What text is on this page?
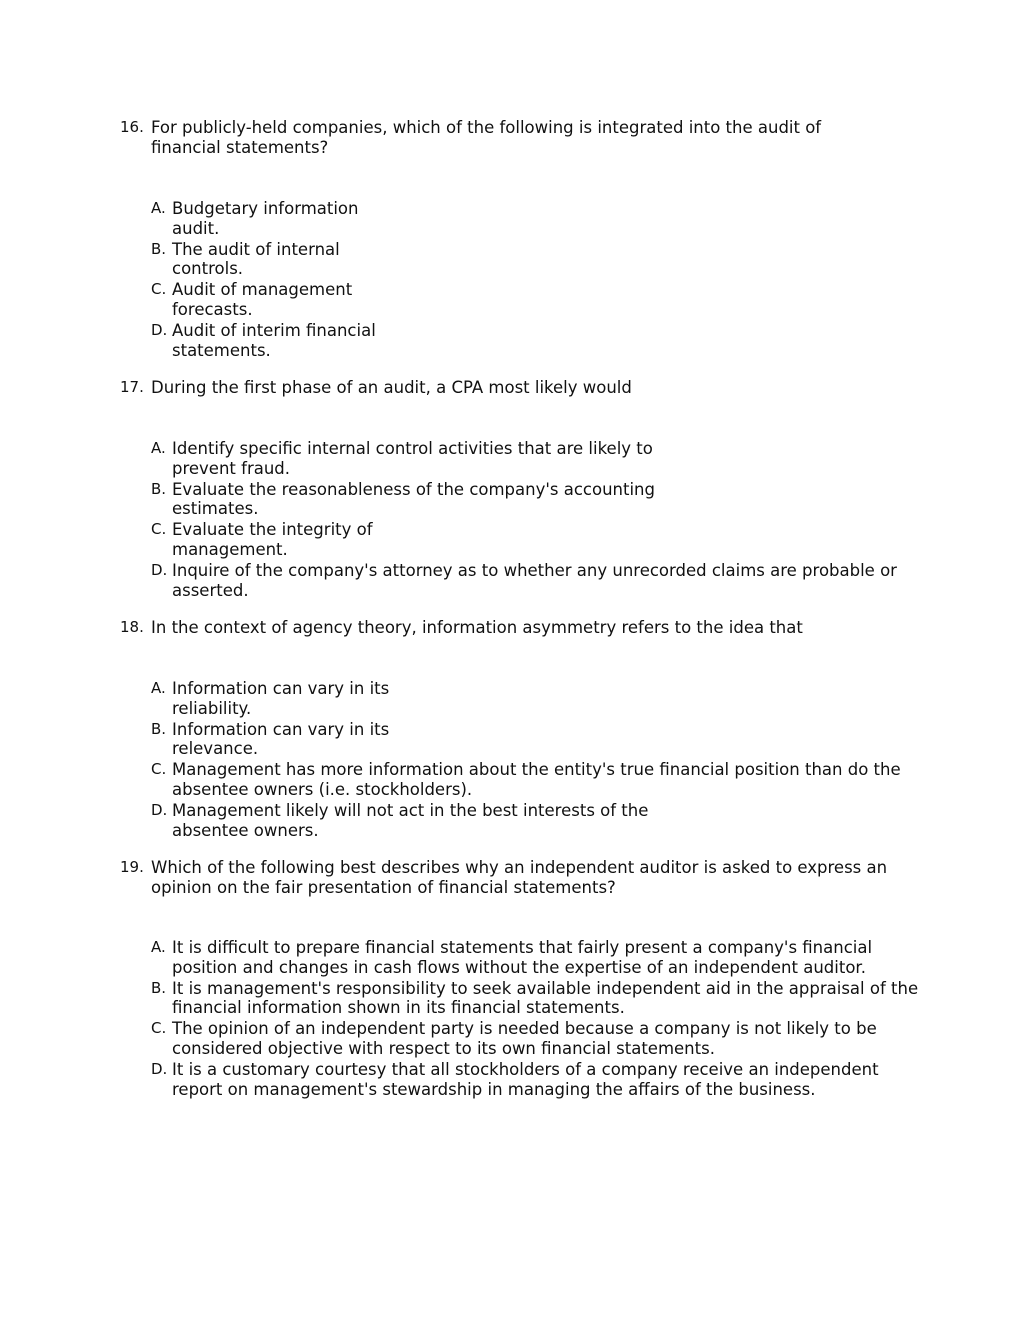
16. For publicly-held companies, which of the following is integrated into the audit of financial statements?
A. Budgetary information audit.
B. The audit of internal controls.
C. Audit of management forecasts.
D. Audit of interim financial statements.
17. During the first phase of an audit, a CPA most likely would
A. Identify specific internal control activities that are likely to prevent fraud.
B. Evaluate the reasonableness of the company's accounting estimates.
C. Evaluate the integrity of management.
D. Inquire of the company's attorney as to whether any unrecorded claims are probable or asserted.
18. In the context of agency theory, information asymmetry refers to the idea that
A. Information can vary in its reliability.
B. Information can vary in its relevance.
C. Management has more information about the entity's true financial position than do the absentee owners (i.e. stockholders).
D. Management likely will not act in the best interests of the absentee owners.
19. Which of the following best describes why an independent auditor is asked to express an opinion on the fair presentation of financial statements?
A. It is difficult to prepare financial statements that fairly present a company's financial position and changes in cash flows without the expertise of an independent auditor.
B. It is management's responsibility to seek available independent aid in the appraisal of the financial information shown in its financial statements.
C. The opinion of an independent party is needed because a company is not likely to be considered objective with respect to its own financial statements.
D. It is a customary courtesy that all stockholders of a company receive an independent report on management's stewardship in managing the affairs of the business.
